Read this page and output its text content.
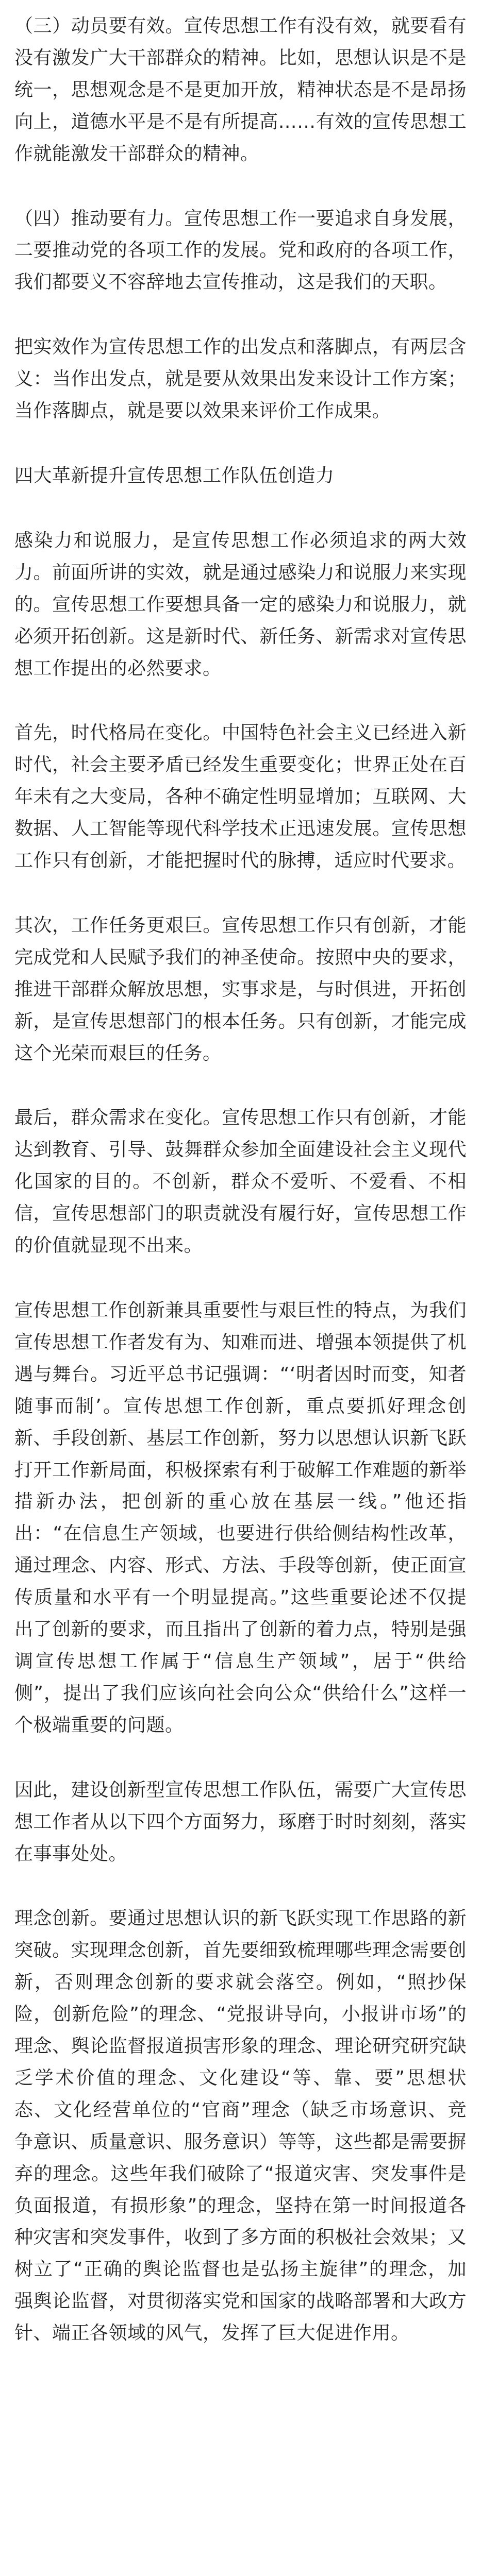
（三）动员要有效。宣传思想工作有没有效，就要看有没有激发广大干部群众的精神。比如，思想认识是不是统一，思想观念是不是更加开放，精神状态是不是昂扬向上，道德水平是不是有所提高……有效的宣传思想工作就能激发干部群众的精神。

（四）推动要有力。宣传思想工作一要追求自身发展，二要推动党的各项工作的发展。党和政府的各项工作，我们都要义不容辞地去宣传推动，这是我们的天职。

把实效作为宣传思想工作的出发点和落脚点，有两层含义：当作出发点，就是要从效果出发来设计工作方案；当作落脚点，就是要以效果来评价工作成果。

四大革新提升宣传思想工作队伍创造力

感染力和说服力，是宣传思想工作必须追求的两大效力。前面所讲的实效，就是通过感染力和说服力来实现的。宣传思想工作要想具备一定的感染力和说服力，就必须开拓创新。这是新时代、新任务、新需求对宣传思想工作提出的必然要求。

首先，时代格局在变化。中国特色社会主义已经进入新时代，社会主要矛盾已经发生重要变化；世界正处在百年未有之大变局，各种不确定性明显增加；互联网、大数据、人工智能等现代科学技术正迅速发展。宣传思想工作只有创新，才能把握时代的脉搏，适应时代要求。

其次，工作任务更艰巨。宣传思想工作只有创新，才能完成党和人民赋予我们的神圣使命。按照中央的要求，推进干部群众解放思想，实事求是，与时俱进，开拓创新，是宣传思想部门的根本任务。只有创新，才能完成这个光荣而艰巨的任务。

最后，群众需求在变化。宣传思想工作只有创新，才能达到教育、引导、鼓舞群众参加全面建设社会主义现代化国家的目的。不创新，群众不爱听、不爱看、不相信，宣传思想部门的职责就没有履行好，宣传思想工作的价值就显现不出来。

宣传思想工作创新兼具重要性与艰巨性的特点，为我们宣传思想工作者发有为、知难而进、增强本领提供了机遇与舞台。习近平总书记强调：“‘明者因时而变，知者随事而制’。宣传思想工作创新，重点要抓好理念创新、手段创新、基层工作创新，努力以思想认识新飞跃打开工作新局面，积极探索有利于破解工作难题的新举措新办法，把创新的重心放在基层一线。”他还指出：“在信息生产领域，也要进行供给侧结构性改革，通过理念、内容、形式、方法、手段等创新，使正面宣传质量和水平有一个明显提高。”这些重要论述不仅提出了创新的要求，而且指出了创新的着力点，特别是强调宣传思想工作属于“信息生产领域”，居于“供给侧”，提出了我们应该向社会向公众“供给什么”这样一个极端重要的问题。

因此，建设创新型宣传思想工作队伍，需要广大宣传思想工作者从以下四个方面努力，琢磨于时时刻刻，落实在事事处处。

理念创新。要通过思想认识的新飞跃实现工作思路的新突破。实现理念创新，首先要细致梳理哪些理念需要创新，否则理念创新的要求就会落空。例如，“照抄保险，创新危险”的理念、“党报讲导向，小报讲市场”的理念、舆论监督报道损害形象的理念、理论研究研究缺乏学术价值的理念、文化建设“等、靠、要”思想状态、文化经营单位的“官商”理念（缺乏市场意识、竞争意识、质量意识、服务意识）等等，这些都是需要摒弃的理念。这些年我们破除了“报道灾害、突发事件是负面报道，有损形象”的理念，坚持在第一时间报道各种灾害和突发事件，收到了多方面的积极社会效果；又树立了“正确的舆论监督也是弘扬主旋律”的理念，加强舆论监督，对贯彻落实党和国家的战略部署和大政方针、端正各领域的风气，发挥了巨大促进作用。
